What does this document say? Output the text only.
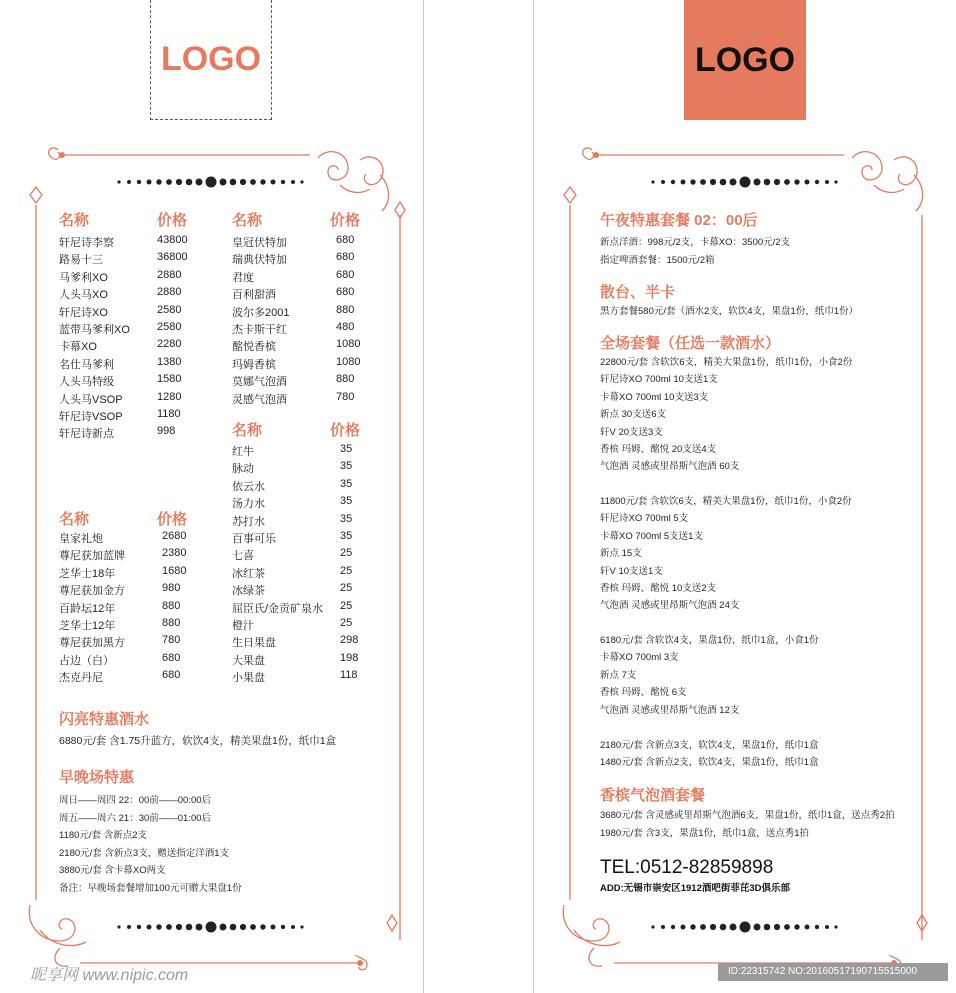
LOGO
名称	价格
轩尼诗李察	43800
路易十三	36800
马爹利XO	2880
人头马XO	2880
轩尼诗XO	2580
蓝带马爹利XO 2580
卡幕XO	2280
名仕马爹利	1380
人头马特级	1580
人头马VSOP	1280
轩尼诗VSOP	1180
轩尼诗新点	998
名称	价格
皇冠伏特加	680
瑞典伏特加	680
君度	680
百利甜酒	680
波尔多2001	880
杰卡斯干红	480
酩悦香槟	1080
玛姆香槟	1080
莫娜气泡酒	880
灵感气泡酒	780
名称	价格
红牛	35
脉动	35
依云水	35
汤力水	35
苏打水	35
百事可乐	35
七喜	25
冰红茶	25
冰绿茶	25
屈臣氏/金贡矿泉水 25
橙汁	25
生日果盘	298
大果盘	198
小果盘	118
名称	价格
皇家礼炮	2680
尊尼获加蓝牌	2380
芝华士18年	1680
尊尼获加金方	980
百龄坛12年	880
芝华士12年	880
尊尼获加黑方	780
占边（白）	680
杰克丹尼	680
闪亮特惠酒水
6880元/套 含1.75升蓝方，软饮4支，精美果盘1份，纸巾1盒
早晚场特惠
周日——周四 22：00前——00:00后
周五——周六 21：30前——01:00后
1180元/套 含新点2支
2180元/套 含新点3支，赠送指定洋酒1支
3880元/套 含卡幕XO两支
备注：早晚场套餐增加100元可赠大果盘1份
LOGO
午夜特惠套餐 02：00后
新点洋酒：998元/2支，卡幕XO：3500元/2支
指定啤酒套餐：1500元/2箱
散台、半卡
黑方套餐580元/套（酒水2支，软饮4支，果盘1份，纸巾1份）
全场套餐（任选一款酒水）
22800元/套 含软饮6支，精美大果盘1份，纸巾1份，小食2份
轩尼诗XO 700ml 10支送1支
卡幕XO 700ml 10支送3支
新点 30支送6支
轩V 20支送3支
香槟 玛姆、酩悦 20支送4支
气泡酒 灵感或里昂斯气泡酒 60支
11800元/套 含软饮6支，精美大果盘1份，纸巾1份，小食2份
轩尼诗XO 700ml 5支
卡幕XO 700ml 5支送1支
新点 15支
轩V 10支送1支
香槟 玛姆、酩悦 10支送2支
气泡酒 灵感或里昂斯气泡酒 24支
6180元/套 含软饮4支，果盘1份，纸巾1盒，小食1份
卡幕XO 700ml 3支
新点 7支
香槟 玛姆、酩悦 6支
气泡酒 灵感或里昂斯气泡酒 12支
2180元/套 含新点3支，软饮4支，果盘1份，纸巾1盒
1480元/套 含新点2支，软饮4支，果盘1份，纸巾1盒
香槟气泡酒套餐
3680元/套 含灵感或里昂斯气泡酒6支，果盘1份，纸巾1盒，送点秀2拍
1980元/套 含3支，果盘1份，纸巾1盒，送点秀1拍
TEL:0512-82859898
ADD:无锡市崇安区1912酒吧街菲芘3D俱乐部
昵享网 www.nipic.com	ID:22315742 NO:20160517190715515000
